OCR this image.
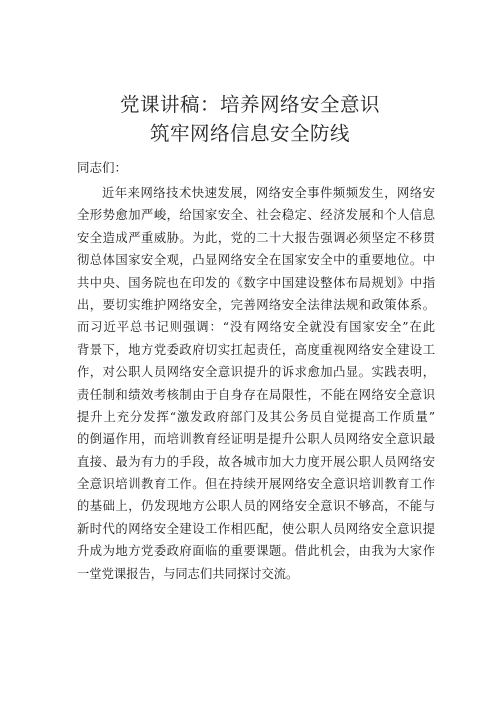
党课讲稿：培养网络安全意识
筑牢网络信息安全防线
同志们：
近年来网络技术快速发展，网络安全事件频频发生，网络安
全形势愈加严峻，给国家安全、社会稳定、经济发展和个人信息
安全造成严重威胁。为此，党的二十大报告强调必须坚定不移贯
彻总体国家安全观，凸显网络安全在国家安全中的重要地位。中
共中央、国务院也在印发的《数字中国建设整体布局规划》中指
出，要切实维护网络安全，完善网络安全法律法规和政策体系。
而习近平总书记则强调：“没有网络安全就没有国家安全”在此
背景下，地方党委政府切实扛起责任，高度重视网络安全建设工
作，对公职人员网络安全意识提升的诉求愈加凸显。实践表明，
责任制和绩效考核制由于自身存在局限性，不能在网络安全意识
提升上充分发挥“激发政府部门及其公务员自觉提高工作质量”
的倒逼作用，而培训教育经证明是提升公职人员网络安全意识最
直接、最为有力的手段，故各城市加大力度开展公职人员网络安
全意识培训教育工作。但在持续开展网络安全意识培训教育工作
的基础上，仍发现地方公职人员的网络安全意识不够高，不能与
新时代的网络安全建设工作相匹配，使公职人员网络安全意识提
升成为地方党委政府面临的重要课题。借此机会，由我为大家作
一堂党课报告，与同志们共同探讨交流。
